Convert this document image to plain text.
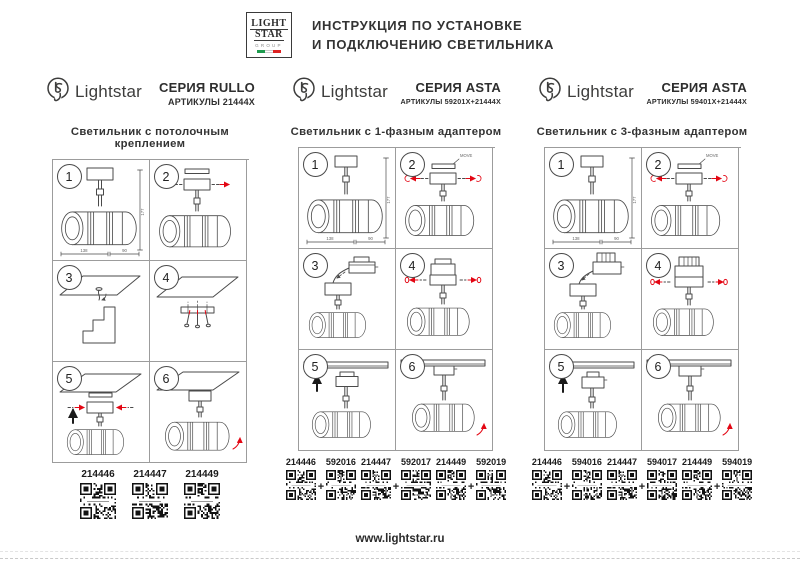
LIGHT
STAR
GROUP
ИНСТРУКЦИЯ ПО УСТАНОВКЕ
И ПОДКЛЮЧЕНИЮ СВЕТИЛЬНИКА
Lightstar СЕРИЯ RULLO
АРТИКУЛЫ 21444X
Светильник с потолочным креплением
1
177
138	90
2
3	4
5	6
214446 214447 214449
Lightstar	СЕРИЯ ASTA
АРТИКУЛЫ 59201X+21444X
Светильник с 1-фазным адаптером
1
177
138	90
2
MOVE
3	4
5	6
214446
+
592016 214447
+
592017 214449
+
592019
Lightstar	СЕРИЯ ASTA
АРТИКУЛЫ 59401X+21444X
Светильник с 3-фазным адаптером
1
177
138	90
2
MOVE
3	4
5	6
214446
+
594016 214447
+
594017 214449
+
594019
www.lightstar.ru
